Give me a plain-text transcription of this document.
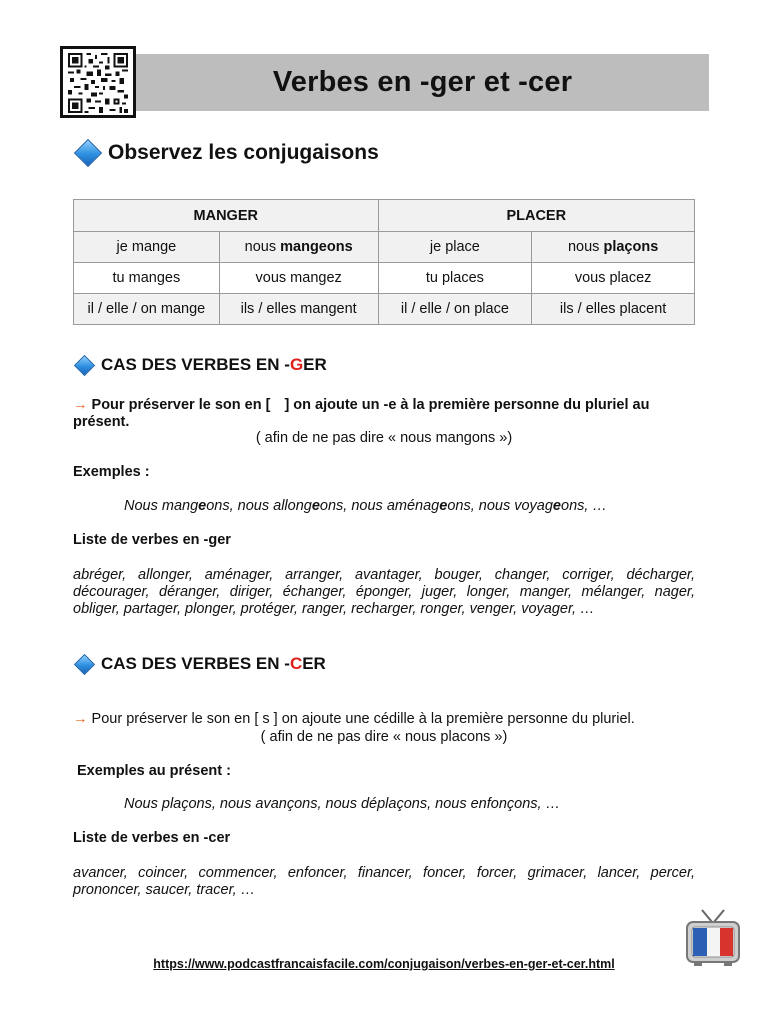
Verbes en -ger et -cer
Observez les conjugaisons
MANGER		PLACER	
je mange	nous mangeons	je place	nous plaçons
tu manges	vous mangez	tu places	vous placez
il / elle / on mange	ils / elles mangent	il / elle / on place	ils / elles placent
CAS DES VERBES EN - G ER
→ Pour préserver le son en [ ] on ajoute un -e à la première personne du pluriel au
présent.
( afin de ne pas dire « nous mangons »)
Exemples :
Nous mangeons, nous allongeons, nous aménageons, nous voyageons, …
Liste de verbes en -ger
abréger, allonger, aménager, arranger, avantager, bouger, changer, corriger, décharger,
décourager, déranger, diriger, échanger, éponger, juger, longer, manger, mélanger, nager,
obliger, partager, plonger, protéger, ranger, recharger, ronger, venger, voyager, …
CAS DES VERBES EN - C ER
→ Pour préserver le son en [ s ] on ajoute une cédille à la première personne du pluriel.
( afin de ne pas dire « nous placons »)
Exemples au présent :
Nous plaçons, nous avançons, nous déplaçons, nous enfonçons, …
Liste de verbes en -cer
avancer, coincer, commencer, enfoncer, financer, foncer, forcer, grimacer, lancer, percer,
prononcer, saucer, tracer, …
https://www.podcastfrancaisfacile.com/conjugaison/verbes-en-ger-et-cer.html
